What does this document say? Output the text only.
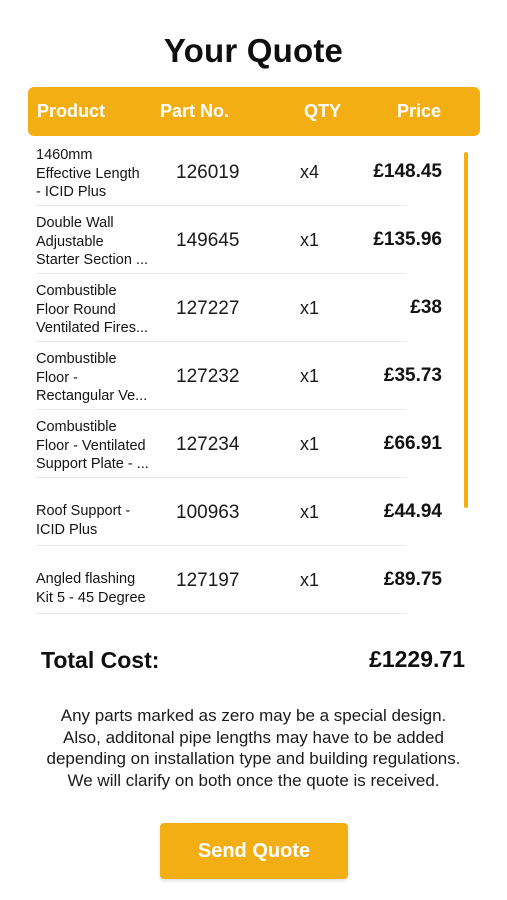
Your Quote
Product	Part No.	QTY	Price
1460mm
Effective Length
- ICID Plus
126019	x4	£148.45
Double Wall
Adjustable
Starter Section ...
149645	x1	£135.96
Combustible
Floor Round
Ventilated Fires...
127227	x1	£38
Combustible
Floor -
Rectangular Ve...
127232	x1	£35.73
Combustible
Floor - Ventilated
Support Plate - ...
127234	x1	£66.91
Roof Support -
ICID Plus
100963	x1	£44.94
Angled flashing
Kit 5 - 45 Degree
127197	x1	£89.75
Total Cost:	£1229.71
Any parts marked as zero may be a special design.
Also, additonal pipe lengths may have to be added
depending on installation type and building regulations.
We will clarify on both once the quote is received.
Send Quote
